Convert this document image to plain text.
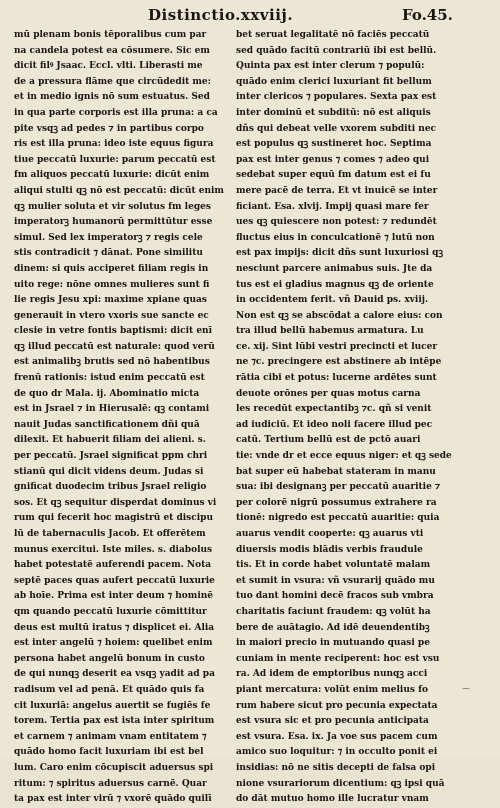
Distinctio.xxviij.	Fo.45.
mū plenam bonis tēporalibus cum par
na candela potest ea cōsumere. Sic em
dicit filꝰ Jsaac. Eccl. vlti. Liberasti me
de a pressura flāme que circūdedit me:
et in medio ignis nō sum estuatus. Sed
in qua parte corporis est illa pruna: a ca
pite vsqꝫ ad pedes ⁊ in partibus corpo
ris est illa pruna: ideo iste equus figura
tiue peccatū luxurie: parum peccatū est
fm aliquos peccatū luxurie: dicūt enim
aliqui stulti qꝫ nō est peccatū: dicūt enim
qꝫ mulier soluta et vir solutus fm leges
imperatorꝫ humanorū permittūtur esse
simul. Sed lex imperatorꝫ ⁊ regis cele
stis contradicit ⁊ dānat. Pone similitu
dinem: si quis acciperet filiam regis in
uito rege: nōne omnes mulieres sunt fi
lie regis Jesu xpi: maxime xpiane quas
generauit in vtero vxoris sue sancte ec
clesie in vetre fontis baptismi: dicit enī
qꝫ illud peccatū est naturale: quod verū
est animalibꝫ brutis sed nō habentibus
frenū rationis: istud enim peccatū est
de quo dr Mala. ij. Abominatio micta
est in Jsrael ⁊ in Hierusalē: qꝫ contami
nauit Judas sanctificationem dñi quā
dilexit. Et habuerit filiam dei alieni. s.
per peccatū. Jsrael significat ppm chri
stianū qui dicit videns deum. Judas si
gnificat duodecim tribus Jsrael religio
sos. Et qꝫ sequitur disperdat dominus vi
rum qui fecerit hoc magistrū et discipu
lū de tabernaculis Jacob. Et offerētem
munus exercitui. Iste miles. s. diabolus
habet potestatē auferendi pacem. Nota
septē paces quas aufert peccatū luxurie
ab hoīe. Prima est inter deum ⁊ hominē
qm quando peccatū luxurie cōmittitur
deus est multū iratus ⁊ displicet ei. Alia
est inter angelū ⁊ hoiem: quelibet enim
persona habet angelū bonum in custo
de qui nunqꝫ deserit ea vsqꝫ yadit ad pa
radisum vel ad penā. Et quādo quis fa
cit luxuriā: angelus auertit se fugiēs fe
torem. Tertia pax est ista inter spiritum
et carnem ⁊ animam vnam entitatem ⁊
quādo homo facit luxuriam ibi est bel
lum. Caro enim cōcupiscit aduersus spi
ritum: ⁊ spiritus aduersus carnē. Quar
ta pax est inter virū ⁊ vxorē quādo quilī
bet seruat legalitatē nō faciēs peccatū
sed quādo facitū contrariū ibi est bellū.
Quinta pax est inter clerum ⁊ populū:
quādo enim clerici luxuriant fit bellum
inter clericos ⁊ populares. Sexta pax est
inter dominū et subditū: nō est aliquis
dñs qui debeat velle vxorem subditi nec
est populus qꝫ sustineret hoc. Septima
pax est inter genus ⁊ comes ⁊ adeo qui
sedebat super equū fm datum est ei fu
mere pacē de terra. Et vt inuicē se inter
ficiant. Esa. xlvij. Impij quasi mare fer
ues qꝫ quiescere non potest: ⁊ redundēt
fluctus eius in conculcationē ⁊ lutū non
est pax impijs: dicit dñs sunt luxuriosi qꝫ
nesciunt parcere animabus suis. Jte da
tus est ei gladius magnus qꝫ de oriente
in occidentem ferit. vñ Dauid ps. xviij.
Non est qꝫ se abscōdat a calore eius: con
tra illud bellū habemus armatura. Lu
ce. xij. Sint lūbi vestri precincti et lucer
ne ⁊c. precingere est abstinere ab intēpe
rātia cibi et potus: lucerne ardētes sunt
deuote orōnes per quas motus carna
les recedūt expectantibꝫ ⁊c. qñ si venit
ad iudiciū. Et ideo noli facere illud pec
catū. Tertium bellū est de pctō auari
tie: vnde dr et ecce equus niger: et qꝫ sede
bat super eū habebat stateram in manu
sua: ibi designanꝫ per peccatū auaritie ⁊
per colorē nigrū possumus extrahere ra
tionē: nigredo est peccatū auaritie: quia
auarus vendit cooperte: qꝫ auarus vti
diuersis modis blādis verbis fraudule
tis. Et in corde habet voluntatē malam
et sumit in vsura: vñ vsurarij quādo mu
tuo dant homini decē fracos sub vmbra
charitatis faciunt fraudem: qꝫ volūt ha
bere de auātagio. Ad idē deuendentibꝫ
in maiori precio in mutuando quasi pe
cuniam in mente reciperent: hoc est vsu
ra. Ad idem de emptoribus nunqꝫ acci
piant mercatura: volūt enim melius fo
rum habere sicut pro pecunia expectata
est vsura sic et pro pecunia anticipata
est vsura. Esa. ix. Ja voe sus pacem cum
amico suo loquitur: ⁊ in occulto ponit ei
insidias: nō ne sitis decepti de falsa opi
nione vsurariorum dicentium: qꝫ ipsi quā
do dāt mutuo homo ille lucratur vnam
⁓
